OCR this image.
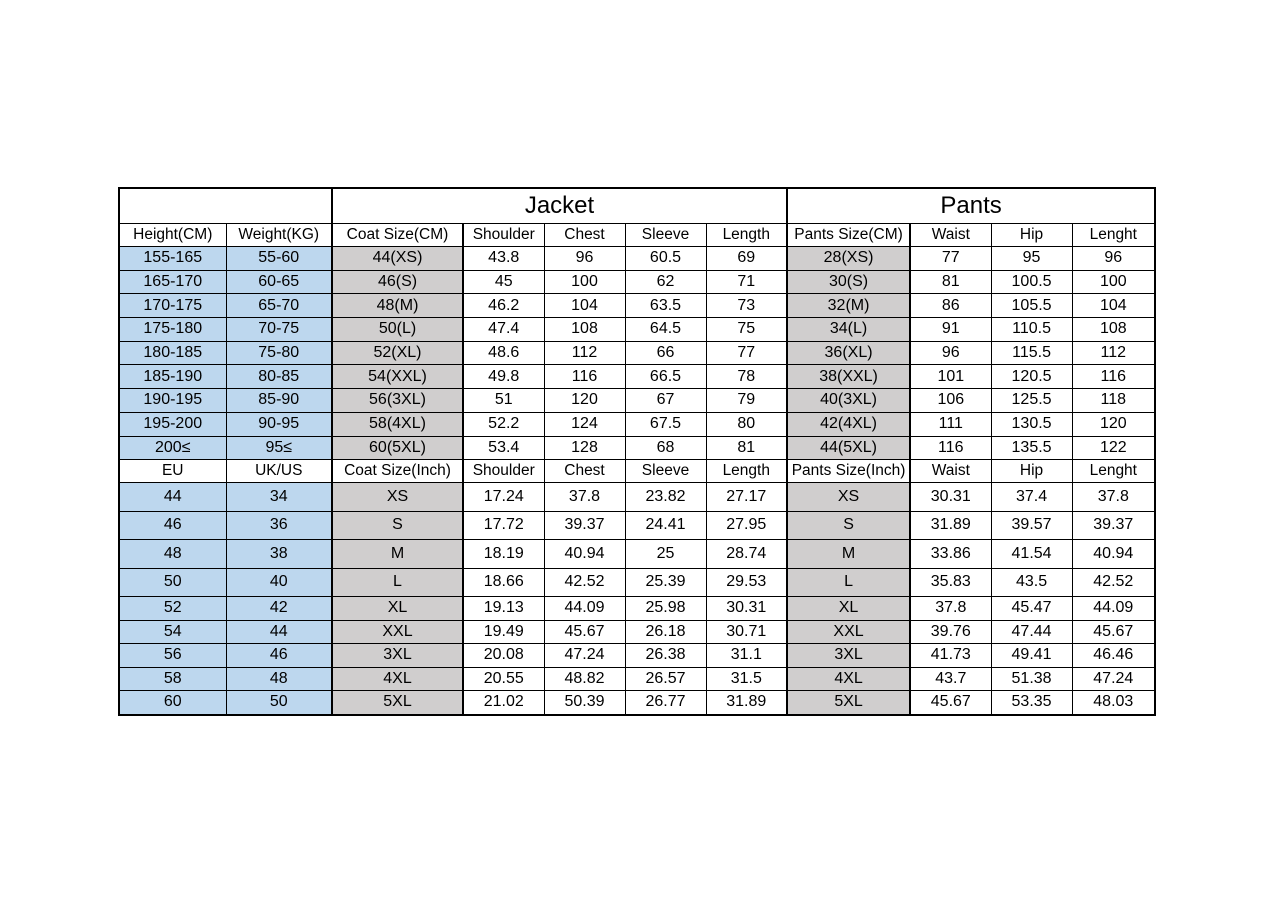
		Jacket					Pants			
Height(CM)	Weight(KG)	Coat Size(CM)	Shoulder	Chest	Sleeve	Length	Pants Size(CM)	Waist	Hip	Lenght
155-165	55-60	44(XS)	43.8	96	60.5	69	28(XS)	77	95	96
165-170	60-65	46(S)	45	100	62	71	30(S)	81	100.5	100
170-175	65-70	48(M)	46.2	104	63.5	73	32(M)	86	105.5	104
175-180	70-75	50(L)	47.4	108	64.5	75	34(L)	91	110.5	108
180-185	75-80	52(XL)	48.6	112	66	77	36(XL)	96	115.5	112
185-190	80-85	54(XXL)	49.8	116	66.5	78	38(XXL)	101	120.5	116
190-195	85-90	56(3XL)	51	120	67	79	40(3XL)	106	125.5	118
195-200	90-95	58(4XL)	52.2	124	67.5	80	42(4XL)	111	130.5	120
200≤	95≤	60(5XL)	53.4	128	68	81	44(5XL)	116	135.5	122
EU	UK/US	Coat Size(Inch)	Shoulder	Chest	Sleeve	Length	Pants Size(Inch)	Waist	Hip	Lenght
44	34	XS	17.24	37.8	23.82	27.17	XS	30.31	37.4	37.8
46	36	S	17.72	39.37	24.41	27.95	S	31.89	39.57	39.37
48	38	M	18.19	40.94	25	28.74	M	33.86	41.54	40.94
50	40	L	18.66	42.52	25.39	29.53	L	35.83	43.5	42.52
52	42	XL	19.13	44.09	25.98	30.31	XL	37.8	45.47	44.09
54	44	XXL	19.49	45.67	26.18	30.71	XXL	39.76	47.44	45.67
56	46	3XL	20.08	47.24	26.38	31.1	3XL	41.73	49.41	46.46
58	48	4XL	20.55	48.82	26.57	31.5	4XL	43.7	51.38	47.24
60	50	5XL	21.02	50.39	26.77	31.89	5XL	45.67	53.35	48.03
